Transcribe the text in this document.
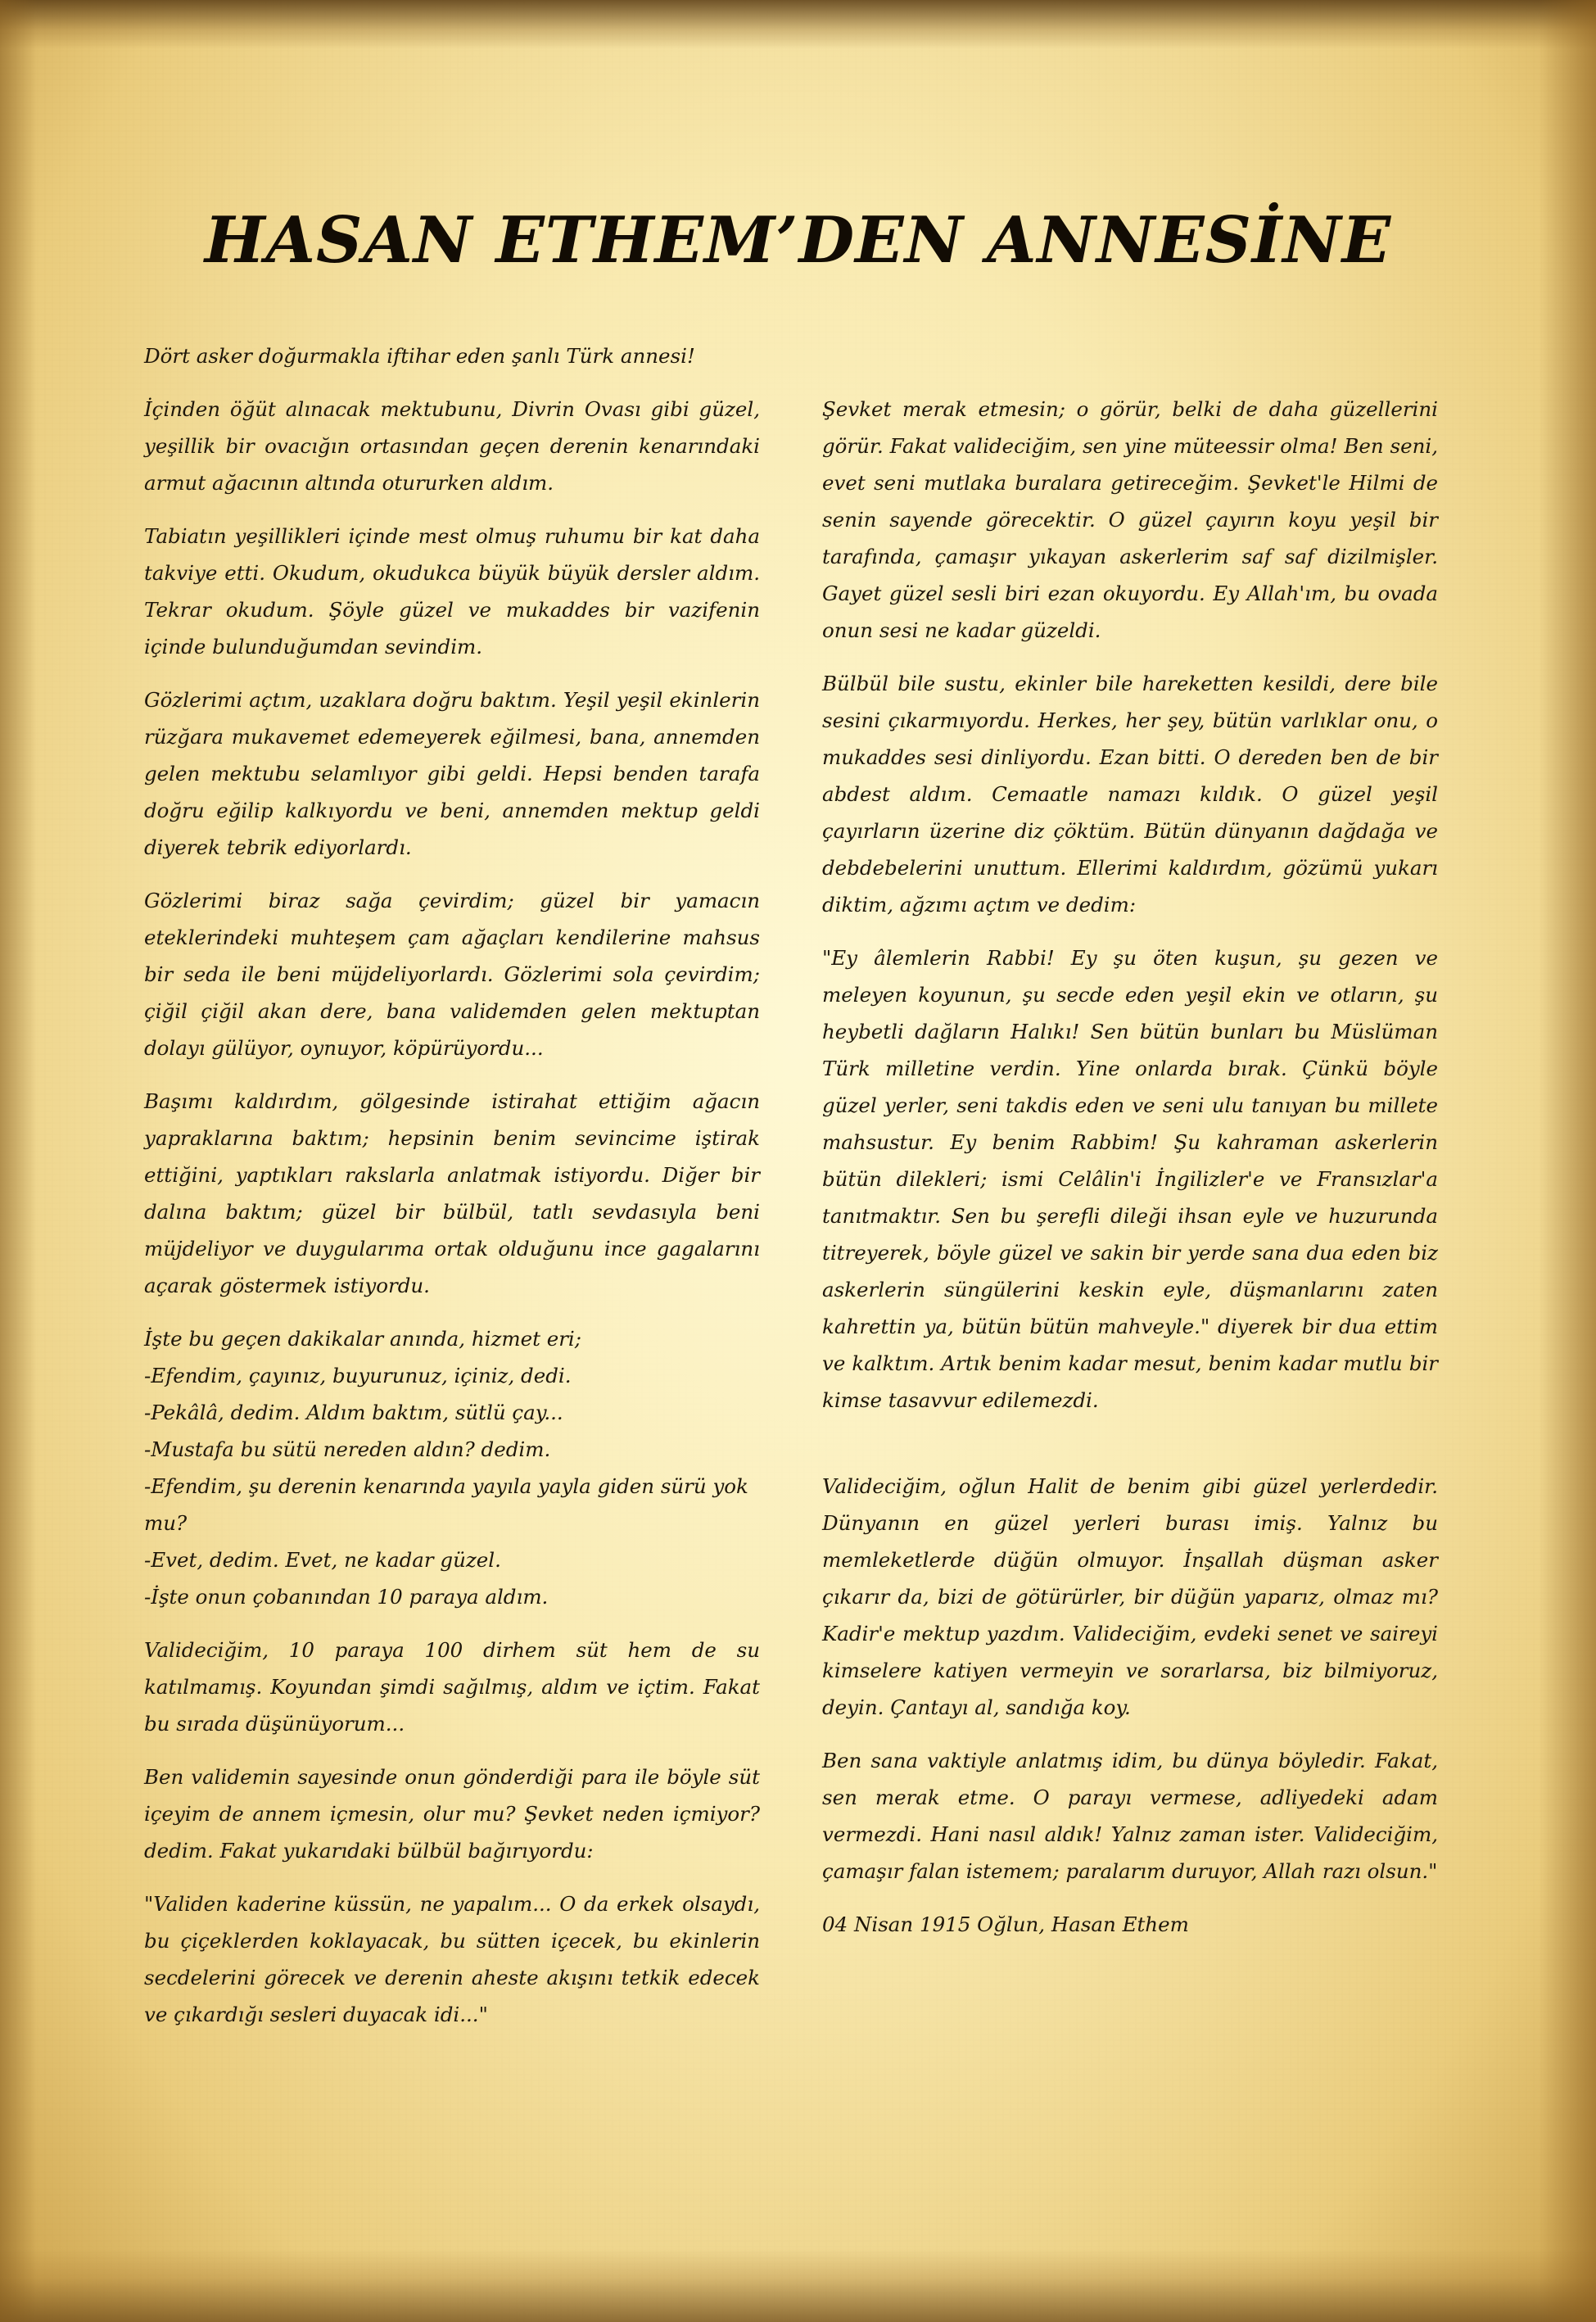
HASAN ETHEM’DEN ANNESİNE

Dört asker doğurmakla iftihar eden şanlı Türk annesi!

İçinden öğüt alınacak mektubunu, Divrin Ovası gibi güzel, yeşillik bir ovacığın ortasından geçen derenin kenarındaki armut ağacının altında otururken aldım.

Tabiatın yeşillikleri içinde mest olmuş ruhumu bir kat daha takviye etti. Okudum, okudukca büyük büyük dersler aldım. Tekrar okudum. Şöyle güzel ve mukaddes bir vazifenin içinde bulunduğumdan sevindim.

Gözlerimi açtım, uzaklara doğru baktım. Yeşil yeşil ekinlerin rüzğara mukavemet edemeyerek eğilmesi, bana, annemden gelen mektubu selamlıyor gibi geldi. Hepsi benden tarafa doğru eğilip kalkıyordu ve beni, annemden mektup geldi diyerek tebrik ediyorlardı.

Gözlerimi biraz sağa çevirdim; güzel bir yamacın eteklerindeki muhteşem çam ağaçları kendilerine mahsus bir seda ile beni müjdeliyorlardı. Gözlerimi sola çevirdim; çiğil çiğil akan dere, bana validemden gelen mektuptan dolayı gülüyor, oynuyor, köpürüyordu...

Başımı kaldırdım, gölgesinde istirahat ettiğim ağacın yapraklarına baktım; hepsinin benim sevincime iştirak ettiğini, yaptıkları rakslarla anlatmak istiyordu. Diğer bir dalına baktım; güzel bir bülbül, tatlı sevdasıyla beni müjdeliyor ve duygularıma ortak olduğunu ince gagalarını açarak göstermek istiyordu.

İşte bu geçen dakikalar anında, hizmet eri;

-Efendim, çayınız, buyurunuz, içiniz, dedi.

-Pekâlâ, dedim. Aldım baktım, sütlü çay...

-Mustafa bu sütü nereden aldın? dedim.

-Efendim, şu derenin kenarında yayıla yayla giden sürü yok mu?

-Evet, dedim. Evet, ne kadar güzel.

-İşte onun çobanından 10 paraya aldım.

Valideciğim, 10 paraya 100 dirhem süt hem de su katılmamış. Koyundan şimdi sağılmış, aldım ve içtim. Fakat bu sırada düşünüyorum...

Ben validemin sayesinde onun gönderdiği para ile böyle süt içeyim de annem içmesin, olur mu? Şevket neden içmiyor? dedim. Fakat yukarıdaki bülbül bağırıyordu:

"Validen kaderine küssün, ne yapalım... O da erkek olsaydı, bu çiçeklerden koklayacak, bu sütten içecek, bu ekinlerin secdelerini görecek ve derenin aheste akışını tetkik edecek ve çıkardığı sesleri duyacak idi..."

Şevket merak etmesin; o görür, belki de daha güzellerini görür. Fakat valideciğim, sen yine müteessir olma! Ben seni, evet seni mutlaka buralara getireceğim. Şevket'le Hilmi de senin sayende görecektir. O güzel çayırın koyu yeşil bir tarafında, çamaşır yıkayan askerlerim saf saf dizilmişler. Gayet güzel sesli biri ezan okuyordu. Ey Allah'ım, bu ovada onun sesi ne kadar güzeldi.

Bülbül bile sustu, ekinler bile hareketten kesildi, dere bile sesini çıkarmıyordu. Herkes, her şey, bütün varlıklar onu, o mukaddes sesi dinliyordu. Ezan bitti. O dereden ben de bir abdest aldım. Cemaatle namazı kıldık. O güzel yeşil çayırların üzerine diz çöktüm. Bütün dünyanın dağdağa ve debdebelerini unuttum. Ellerimi kaldırdım, gözümü yukarı diktim, ağzımı açtım ve dedim:

"Ey âlemlerin Rabbi! Ey şu öten kuşun, şu gezen ve meleyen koyunun, şu secde eden yeşil ekin ve otların, şu heybetli dağların Halıkı! Sen bütün bunları bu Müslüman Türk milletine verdin. Yine onlarda bırak. Çünkü böyle güzel yerler, seni takdis eden ve seni ulu tanıyan bu millete mahsustur. Ey benim Rabbim! Şu kahraman askerlerin bütün dilekleri; ismi Celâlin'i İngilizler'e ve Fransızlar'a tanıtmaktır. Sen bu şerefli dileği ihsan eyle ve huzurunda titreyerek, böyle güzel ve sakin bir yerde sana dua eden biz askerlerin süngülerini keskin eyle, düşmanlarını zaten kahrettin ya, bütün bütün mahveyle." diyerek bir dua ettim ve kalktım. Artık benim kadar mesut, benim kadar mutlu bir kimse tasavvur edilemezdi.

Valideciğim, oğlun Halit de benim gibi güzel yerlerdedir. Dünyanın en güzel yerleri burası imiş. Yalnız bu memleketlerde düğün olmuyor. İnşallah düşman asker çıkarır da, bizi de götürürler, bir düğün yaparız, olmaz mı? Kadir'e mektup yazdım. Valideciğim, evdeki senet ve saireyi kimselere katiyen vermeyin ve sorarlarsa, biz bilmiyoruz, deyin. Çantayı al, sandığa koy.

Ben sana vaktiyle anlatmış idim, bu dünya böyledir. Fakat, sen merak etme. O parayı vermese, adliyedeki adam vermezdi. Hani nasıl aldık! Yalnız zaman ister. Valideciğim, çamaşır falan istemem; paralarım duruyor, Allah razı olsun."

04 Nisan 1915 Oğlun, Hasan Ethem
